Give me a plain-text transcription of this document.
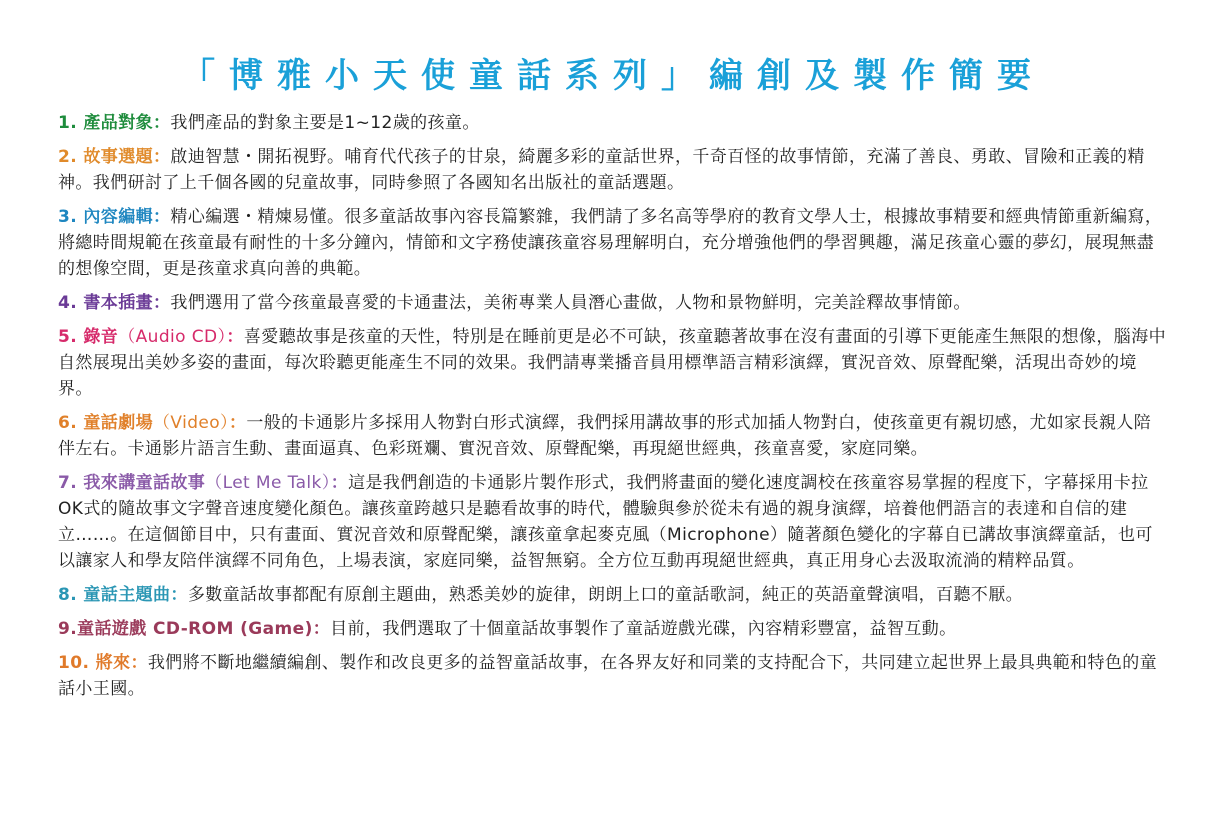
「博雅小天使童話系列」編創及製作簡要

1. 產品對象：我們產品的對象主要是1~12歲的孩童。

2. 故事選題：啟迪智慧・開拓視野。哺育代代孩子的甘泉，綺麗多彩的童話世界，千奇百怪的故事情節，充滿了善良、勇敢、冒險和正義的精神。我們研討了上千個各國的兒童故事，同時參照了各國知名出版社的童話選題。

3. 內容編輯：精心編選・精煉易懂。很多童話故事內容長篇繁雜，我們請了多名高等學府的教育文學人士，根據故事精要和經典情節重新編寫，將總時間規範在孩童最有耐性的十多分鐘內，情節和文字務使讓孩童容易理解明白，充分增強他們的學習興趣，滿足孩童心靈的夢幻，展現無盡的想像空間，更是孩童求真向善的典範。

4. 書本插畫：我們選用了當今孩童最喜愛的卡通畫法，美術專業人員潛心畫做，人物和景物鮮明，完美詮釋故事情節。

5. 錄音（Audio CD）：喜愛聽故事是孩童的天性，特別是在睡前更是必不可缺，孩童聽著故事在沒有畫面的引導下更能產生無限的想像，腦海中自然展現出美妙多姿的畫面，每次聆聽更能產生不同的效果。我們請專業播音員用標準語言精彩演繹，實況音效、原聲配樂，活現出奇妙的境界。

6. 童話劇場（Video）：一般的卡通影片多採用人物對白形式演繹，我們採用講故事的形式加插人物對白，使孩童更有親切感，尤如家長親人陪伴左右。卡通影片語言生動、畫面逼真、色彩斑斕、實況音效、原聲配樂，再現絕世經典，孩童喜愛，家庭同樂。

7. 我來講童話故事（Let Me Talk）：這是我們創造的卡通影片製作形式，我們將畫面的變化速度調校在孩童容易掌握的程度下，字幕採用卡拉OK式的隨故事文字聲音速度變化顏色。讓孩童跨越只是聽看故事的時代，體驗與參於從未有過的親身演繹，培養他們語言的表達和自信的建立……。在這個節目中，只有畫面、實況音效和原聲配樂，讓孩童拿起麥克風（Microphone）隨著顏色變化的字幕自已講故事演繹童話，也可以讓家人和學友陪伴演繹不同角色，上場表演，家庭同樂，益智無窮。全方位互動再現絕世經典，真正用身心去汲取流淌的精粹品質。

8. 童話主題曲：多數童話故事都配有原創主題曲，熟悉美妙的旋律，朗朗上口的童話歌詞，純正的英語童聲演唱，百聽不厭。

9.童話遊戲 CD-ROM (Game)：目前，我們選取了十個童話故事製作了童話遊戲光碟，內容精彩豐富，益智互動。

10. 將來：我們將不斷地繼續編創、製作和改良更多的益智童話故事，在各界友好和同業的支持配合下，共同建立起世界上最具典範和特色的童話小王國。
